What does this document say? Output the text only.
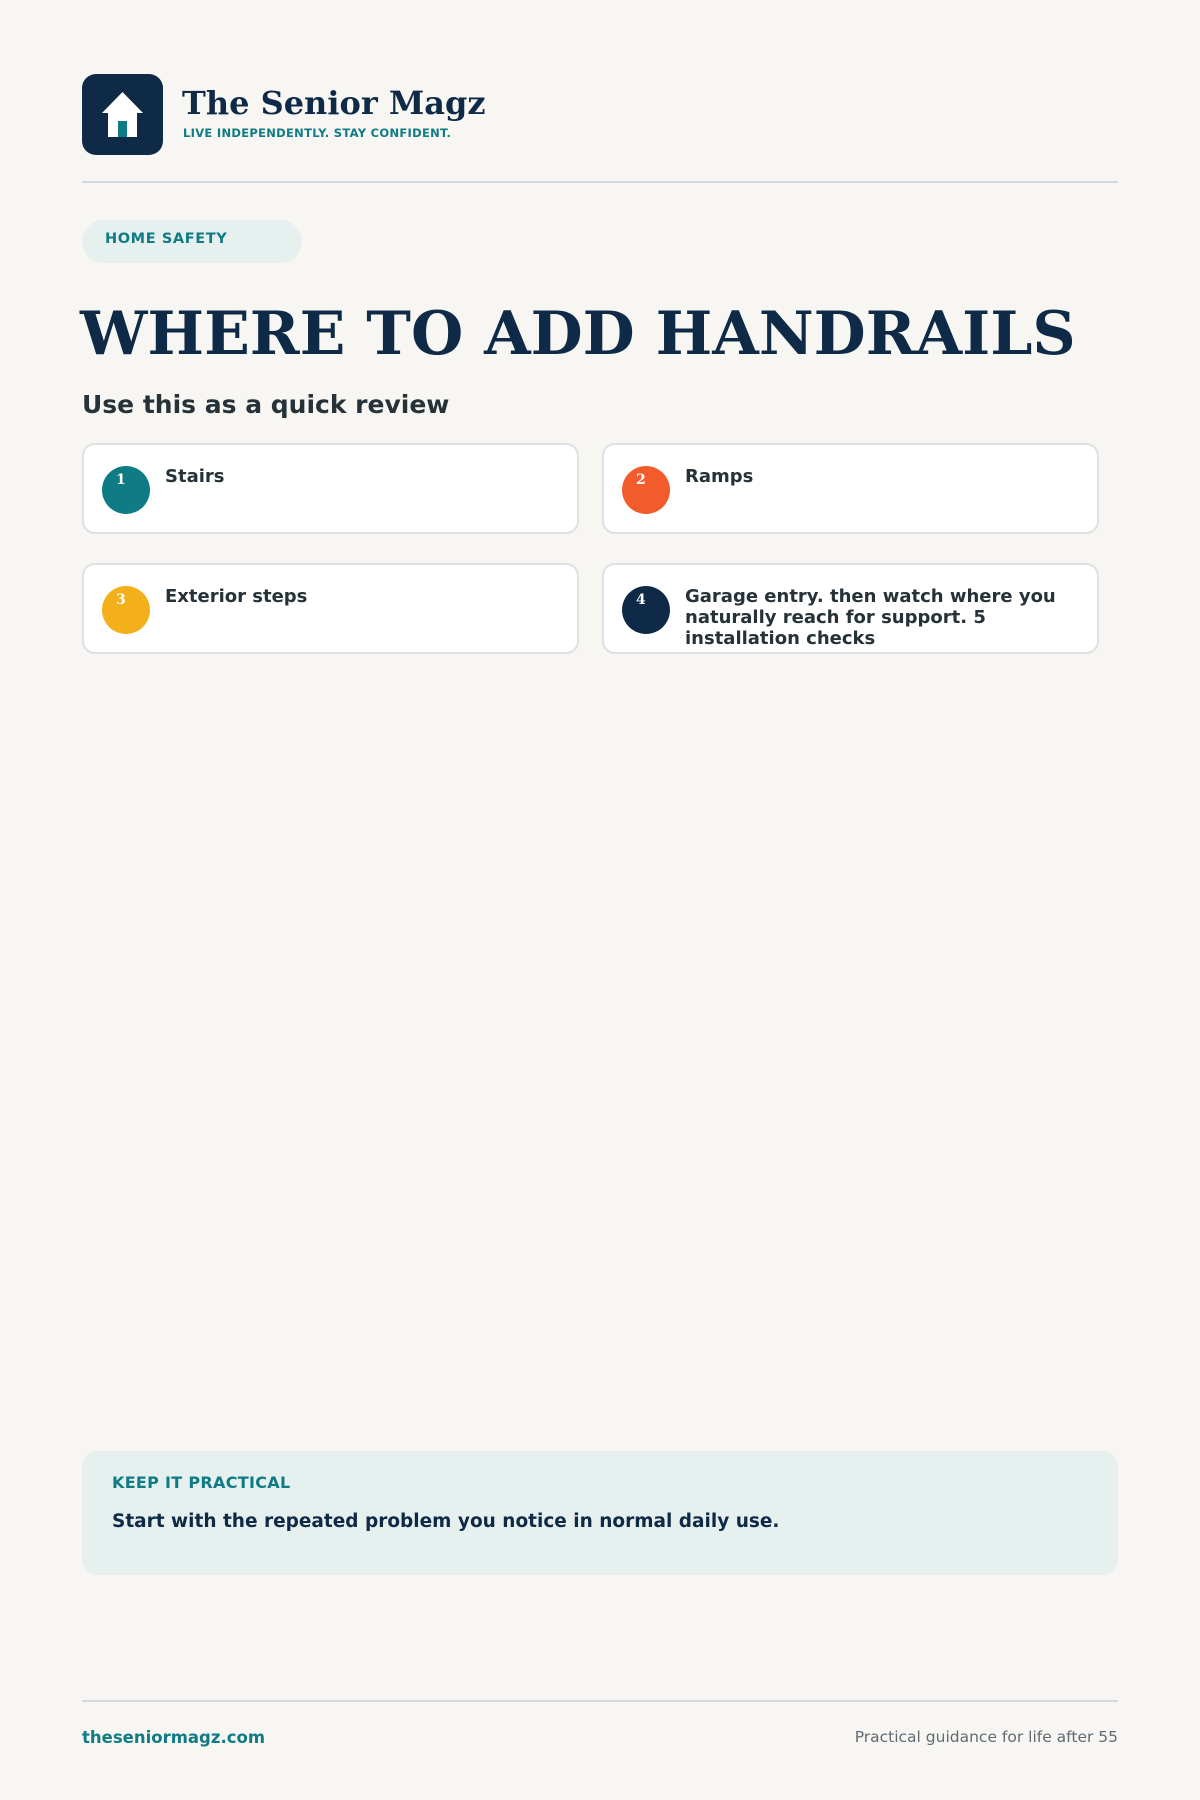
The Senior Magz
LIVE INDEPENDENTLY. STAY CONFIDENT.
HOME SAFETY
WHERE TO ADD HANDRAILS
Use this as a quick review
1 Stairs	2 Ramps
3 Exterior steps	4 Garage entry. then watch where you naturally reach for support. 5 installation checks
KEEP IT PRACTICAL
Start with the repeated problem you notice in normal daily use.
theseniormagz.com	Practical guidance for life after 55
